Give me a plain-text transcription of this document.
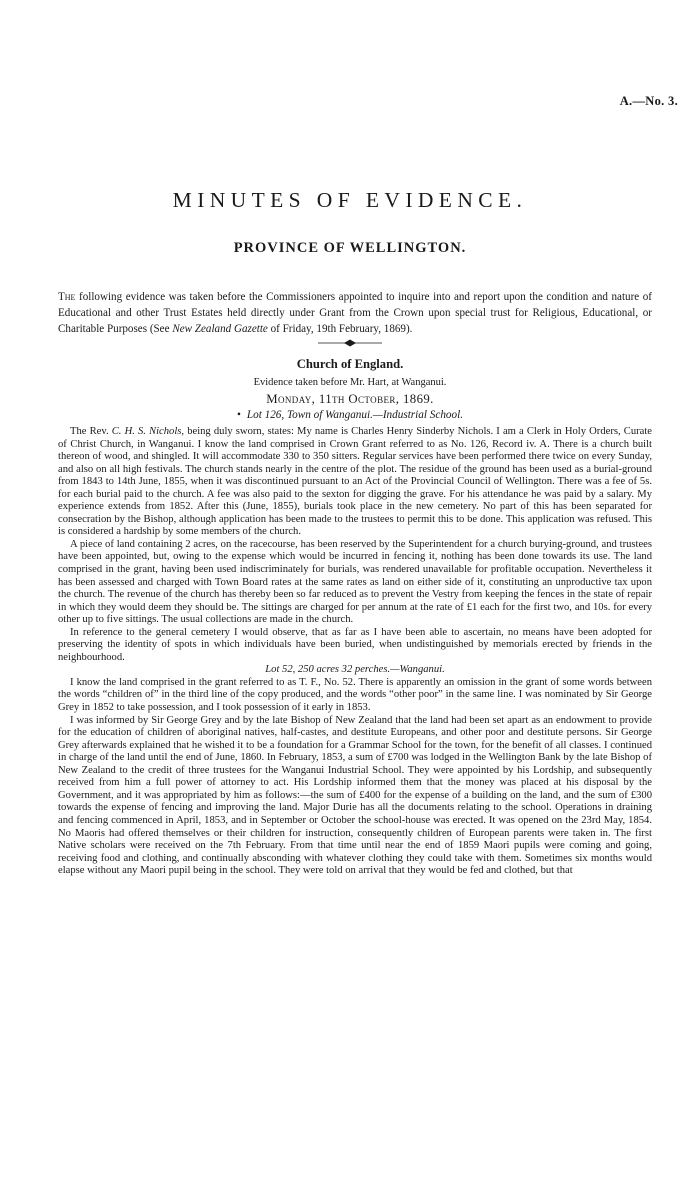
A.—No. 3.
MINUTES OF EVIDENCE.
PROVINCE OF WELLINGTON.

The following evidence was taken before the Commissioners appointed to inquire into and report upon the condition and nature of Educational and other Trust Estates held directly under Grant from the Crown upon special trust for Religious, Educational, or Charitable Purposes (See New Zealand Gazette of Friday, 19th February, 1869).

Church of England.
Evidence taken before Mr. Hart, at Wanganui.
Monday, 11th October, 1869.
• Lot 126, Town of Wanganui.—Industrial School.

The Rev. C. H. S. Nichols, being duly sworn, states: My name is Charles Henry Sinderby Nichols. I am a Clerk in Holy Orders, Curate of Christ Church, in Wanganui. I know the land comprised in Crown Grant referred to as No. 126, Record iv. A. There is a church built thereon of wood, and shingled. It will accommodate 330 to 350 sitters. Regular services have been performed there twice on every Sunday, and also on all high festivals. The church stands nearly in the centre of the plot. The residue of the ground has been used as a burial-ground from 1843 to 14th June, 1855, when it was discontinued pursuant to an Act of the Provincial Council of Wellington. There was a fee of 5s. for each burial paid to the church. A fee was also paid to the sexton for digging the grave. For his attendance he was paid by a salary. My experience extends from 1852. After this (June, 1855), burials took place in the new cemetery. No part of this has been separated for consecration by the Bishop, although application has been made to the trustees to permit this to be done. This application was refused. This is considered a hardship by some members of the church.

A piece of land containing 2 acres, on the racecourse, has been reserved by the Superintendent for a church burying-ground, and trustees have been appointed, but, owing to the expense which would be incurred in fencing it, nothing has been done towards its use. The land comprised in the grant, having been used indiscriminately for burials, was rendered unavailable for profitable occupation. Nevertheless it has been assessed and charged with Town Board rates at the same rates as land on either side of it, constituting an unproductive tax upon the church. The revenue of the church has thereby been so far reduced as to prevent the Vestry from keeping the fences in the state of repair in which they would deem they should be. The sittings are charged for per annum at the rate of £1 each for the first two, and 10s. for every other up to five sittings. The usual collections are made in the church.

In reference to the general cemetery I would observe, that as far as I have been able to ascertain, no means have been adopted for preserving the identity of spots in which individuals have been buried, when undistinguished by memorials erected by friends in the neighbourhood.

Lot 52, 250 acres 32 perches.—Wanganui.

I know the land comprised in the grant referred to as T. F., No. 52. There is apparently an omission in the grant of some words between the words “children of” in the third line of the copy produced, and the words “other poor” in the same line. I was nominated by Sir George Grey in 1852 to take possession, and I took possession of it early in 1853.

I was informed by Sir George Grey and by the late Bishop of New Zealand that the land had been set apart as an endowment to provide for the education of children of aboriginal natives, half-castes, and destitute Europeans, and other poor and destitute persons. Sir George Grey afterwards explained that he wished it to be a foundation for a Grammar School for the town, for the benefit of all classes. I continued in charge of the land until the end of June, 1860. In February, 1853, a sum of £700 was lodged in the Wellington Bank by the late Bishop of New Zealand to the credit of three trustees for the Wanganui Industrial School. They were appointed by his Lordship, and subsequently received from him a full power of attorney to act. His Lordship informed them that the money was placed at his disposal by the Government, and it was appropriated by him as follows:—the sum of £400 for the expense of a building on the land, and the sum of £300 towards the expense of fencing and improving the land. Major Durie has all the documents relating to the school. Operations in draining and fencing commenced in April, 1853, and in September or October the school-house was erected. It was opened on the 23rd May, 1854. No Maoris had offered themselves or their children for instruction, consequently children of European parents were taken in. The first Native scholars were received on the 7th February. From that time until near the end of 1859 Maori pupils were coming and going, receiving food and clothing, and continually absconding with whatever clothing they could take with them. Sometimes six months would elapse without any Maori pupil being in the school. They were told on arrival that they would be fed and clothed, but that
